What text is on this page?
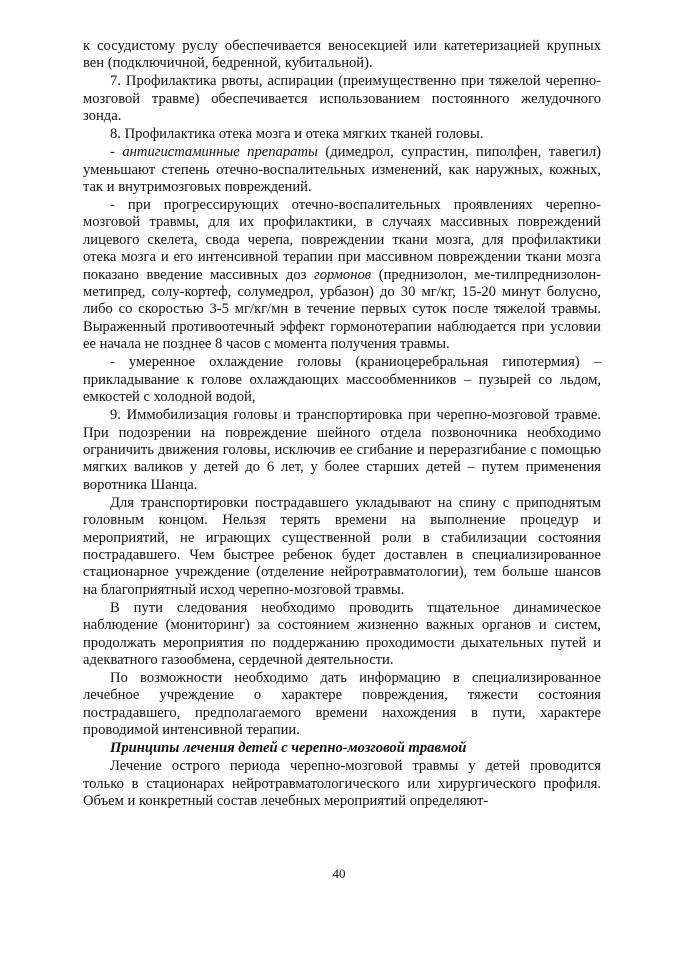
к сосудистому руслу обеспечивается веносекцией или катетеризацией крупных вен (подключичной, бедренной, кубитальной).

7. Профилактика рвоты, аспирации (преимущественно при тяжелой черепно-мозговой травме) обеспечивается использованием постоянного желудочного зонда.

8. Профилактика отека мозга и отека мягких тканей головы.

- антигистаминные препараты (димедрол, супрастин, пиполфен, тавегил) уменьшают степень отечно-воспалительных изменений, как наружных, кожных, так и внутримозговых повреждений.

- при прогрессирующих отечно-воспалительных проявлениях черепно-мозговой травмы, для их профилактики, в случаях массивных повреждений лицевого скелета, свода черепа, повреждении ткани мозга, для профилактики отека мозга и его интенсивной терапии при массивном повреждении ткани мозга показано введение массивных доз гормонов (преднизолон, ме-тилпреднизолон-метипред, солу-кортеф, солумедрол, урбазон) до 30 мг/кг, 15-20 минут болусно, либо со скоростью 3-5 мг/кг/мн в течение первых суток после тяжелой травмы. Выраженный противоотечный эффект гормонотерапии наблюдается при условии ее начала не позднее 8 часов с момента получения травмы.

- умеренное охлаждение головы (краниоцеребральная гипотермия) – прикладывание к голове охлаждающих массообменников – пузырей со льдом, емкостей с холодной водой,

9. Иммобилизация головы и транспортировка при черепно-мозговой травме. При подозрении на повреждение шейного отдела позвоночника необходимо ограничить движения головы, исключив ее сгибание и переразгибание с помощью мягких валиков у детей до 6 лет, у более старших детей – путем применения воротника Шанца.

Для транспортировки пострадавшего укладывают на спину с приподнятым головным концом. Нельзя терять времени на выполнение процедур и мероприятий, не играющих существенной роли в стабилизации состояния пострадавшего. Чем быстрее ребенок будет доставлен в специализированное стационарное учреждение (отделение нейротравматологии), тем больше шансов на благоприятный исход черепно-мозговой травмы.

В пути следования необходимо проводить тщательное динамическое наблюдение (мониторинг) за состоянием жизненно важных органов и систем, продолжать мероприятия по поддержанию проходимости дыхательных путей и адекватного газообмена, сердечной деятельности.

По возможности необходимо дать информацию в специализированное лечебное учреждение о характере повреждения, тяжести состояния пострадавшего, предполагаемого времени нахождения в пути, характере проводимой интенсивной терапии.

Принципы лечения детей с черепно-мозговой травмой

Лечение острого периода черепно-мозговой травмы у детей проводится только в стационарах нейротравматологического или хирургического профиля. Объем и конкретный состав лечебных мероприятий определяют-

40
